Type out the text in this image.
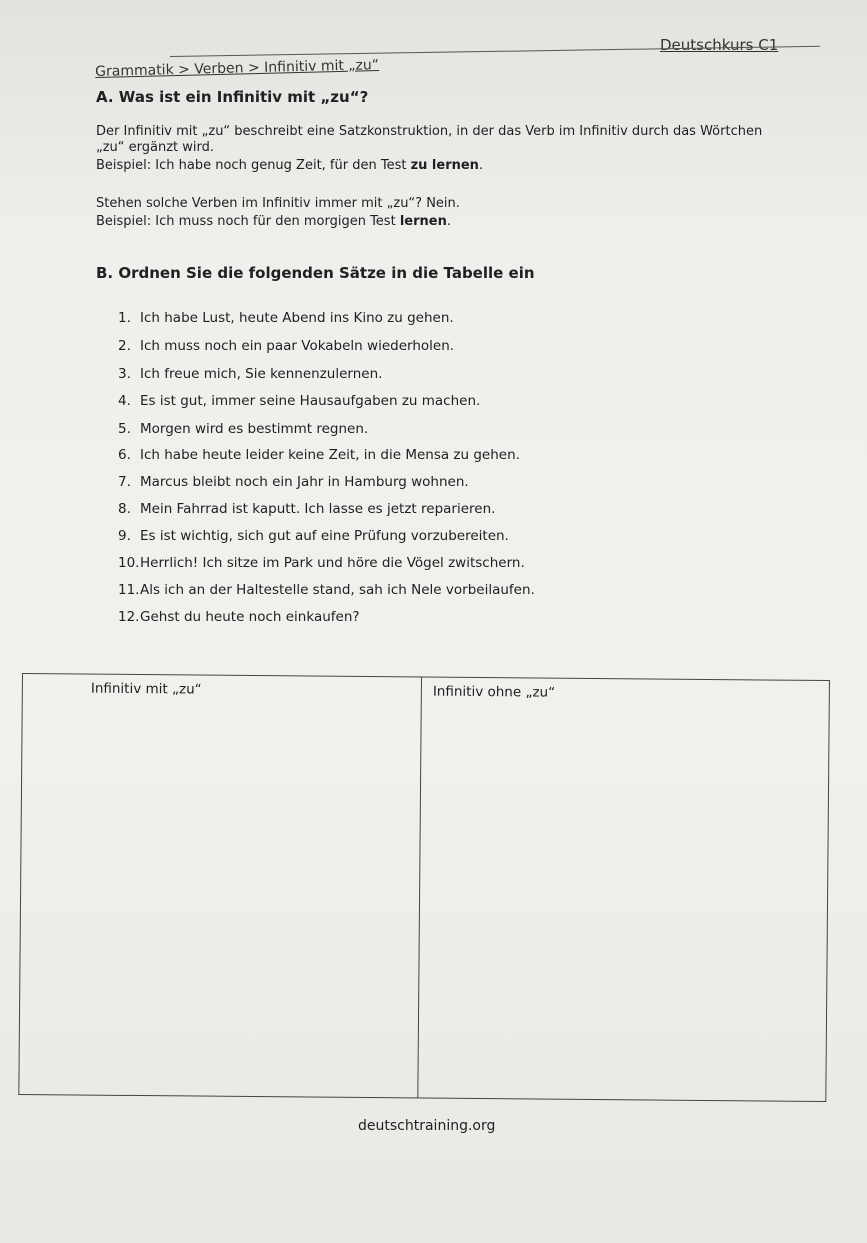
Grammatik > Verben > Infinitiv mit „zu“
Deutschkurs C1
A. Was ist ein Infinitiv mit „zu“?
Der Infinitiv mit „zu“ beschreibt eine Satzkonstruktion, in der das Verb im Infinitiv durch das Wörtchen
„zu“ ergänzt wird.
Beispiel: Ich habe noch genug Zeit, für den Test zu lernen.
Stehen solche Verben im Infinitiv immer mit „zu“? Nein.
Beispiel: Ich muss noch für den morgigen Test lernen.
B. Ordnen Sie die folgenden Sätze in die Tabelle ein
1. Ich habe Lust, heute Abend ins Kino zu gehen.
2. Ich muss noch ein paar Vokabeln wiederholen.
3. Ich freue mich, Sie kennenzulernen.
4. Es ist gut, immer seine Hausaufgaben zu machen.
5. Morgen wird es bestimmt regnen.
6. Ich habe heute leider keine Zeit, in die Mensa zu gehen.
7. Marcus bleibt noch ein Jahr in Hamburg wohnen.
8. Mein Fahrrad ist kaputt. Ich lasse es jetzt reparieren.
9. Es ist wichtig, sich gut auf eine Prüfung vorzubereiten.
10.Herrlich! Ich sitze im Park und höre die Vögel zwitschern.
11.Als ich an der Haltestelle stand, sah ich Nele vorbeilaufen.
12.Gehst du heute noch einkaufen?
Infinitiv mit „zu“	Infinitiv ohne „zu“
deutschtraining.org
